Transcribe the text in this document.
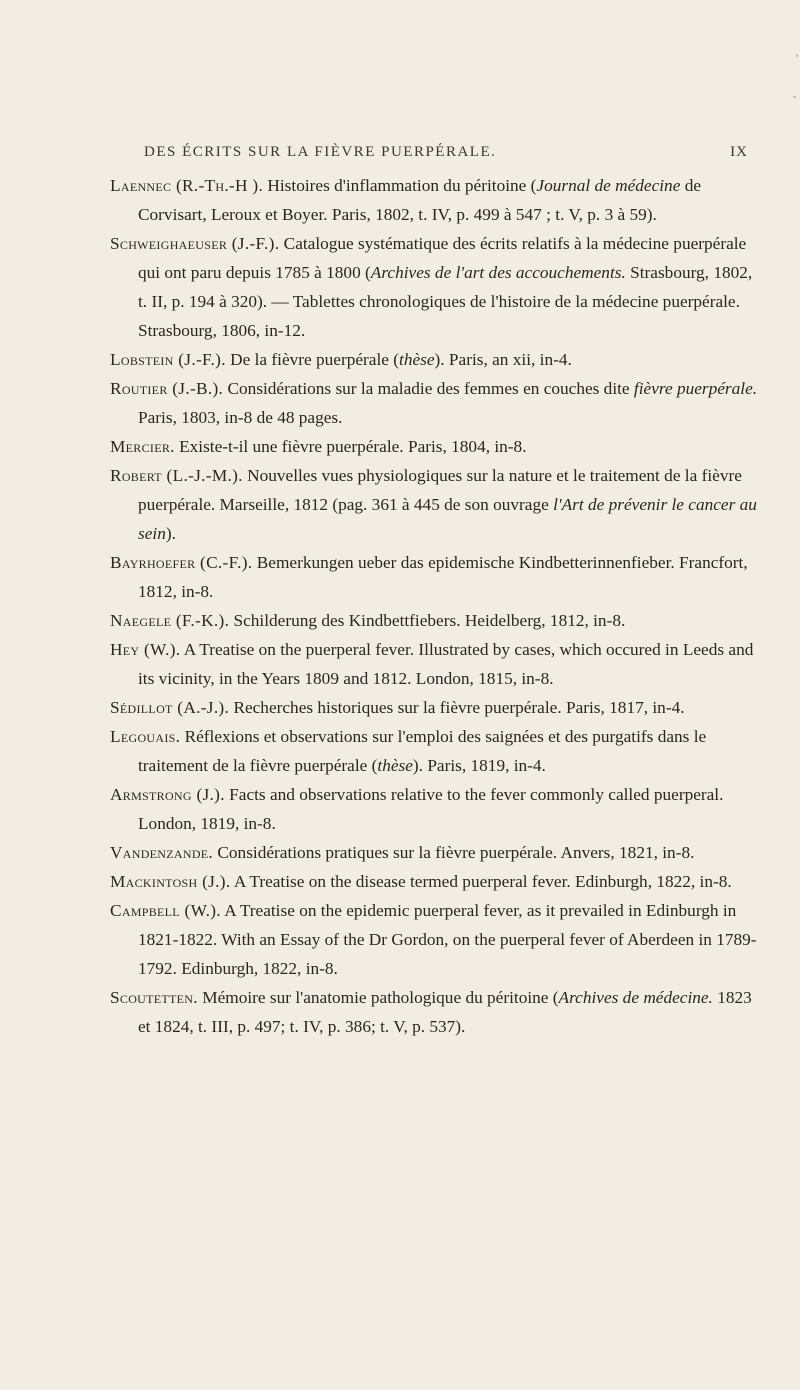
DES ÉCRITS SUR LA FIÈVRE PUERPÉRALE.	IX

Laennec (R.-Th.-H ). Histoires d'inflammation du péritoine (Journal de médecine de Corvisart, Leroux et Boyer. Paris, 1802, t. IV, p. 499 à 547 ; t. V, p. 3 à 59).

Schweighaeuser (J.-F.). Catalogue systématique des écrits relatifs à la médecine puerpérale qui ont paru depuis 1785 à 1800 (Archives de l'art des accouchements. Strasbourg, 1802, t. II, p. 194 à 320). — Tablettes chronologiques de l'histoire de la médecine puerpérale. Strasbourg, 1806, in-12.

Lobstein (J.-F.). De la fièvre puerpérale (thèse). Paris, an xii, in-4.

Routier (J.-B.). Considérations sur la maladie des femmes en couches dite fièvre puerpérale. Paris, 1803, in-8 de 48 pages.

Mercier. Existe-t-il une fièvre puerpérale. Paris, 1804, in-8.

Robert (L.-J.-M.). Nouvelles vues physiologiques sur la nature et le traitement de la fièvre puerpérale. Marseille, 1812 (pag. 361 à 445 de son ouvrage l'Art de prévenir le cancer au sein).

Bayrhoefer (C.-F.). Bemerkungen ueber das epidemische Kindbetterinnenfieber. Francfort, 1812, in-8.

Naegele (F.-K.). Schilderung des Kindbettfiebers. Heidelberg, 1812, in-8.

Hey (W.). A Treatise on the puerperal fever. Illustrated by cases, which occured in Leeds and its vicinity, in the Years 1809 and 1812. London, 1815, in-8.

Sédillot (A.-J.). Recherches historiques sur la fièvre puerpérale. Paris, 1817, in-4.

Legouais. Réflexions et observations sur l'emploi des saignées et des purgatifs dans le traitement de la fièvre puerpérale (thèse). Paris, 1819, in-4.

Armstrong (J.). Facts and observations relative to the fever commonly called puerperal. London, 1819, in-8.

Vandenzande. Considérations pratiques sur la fièvre puerpérale. Anvers, 1821, in-8.

Mackintosh (J.). A Treatise on the disease termed puerperal fever. Edinburgh, 1822, in-8.

Campbell (W.). A Treatise on the epidemic puerperal fever, as it prevailed in Edinburgh in 1821-1822. With an Essay of the Dr Gordon, on the puerperal fever of Aberdeen in 1789-1792. Edinburgh, 1822, in-8.

Scoutetten. Mémoire sur l'anatomie pathologique du péritoine (Archives de médecine. 1823 et 1824, t. III, p. 497; t. IV, p. 386; t. V, p. 537).
